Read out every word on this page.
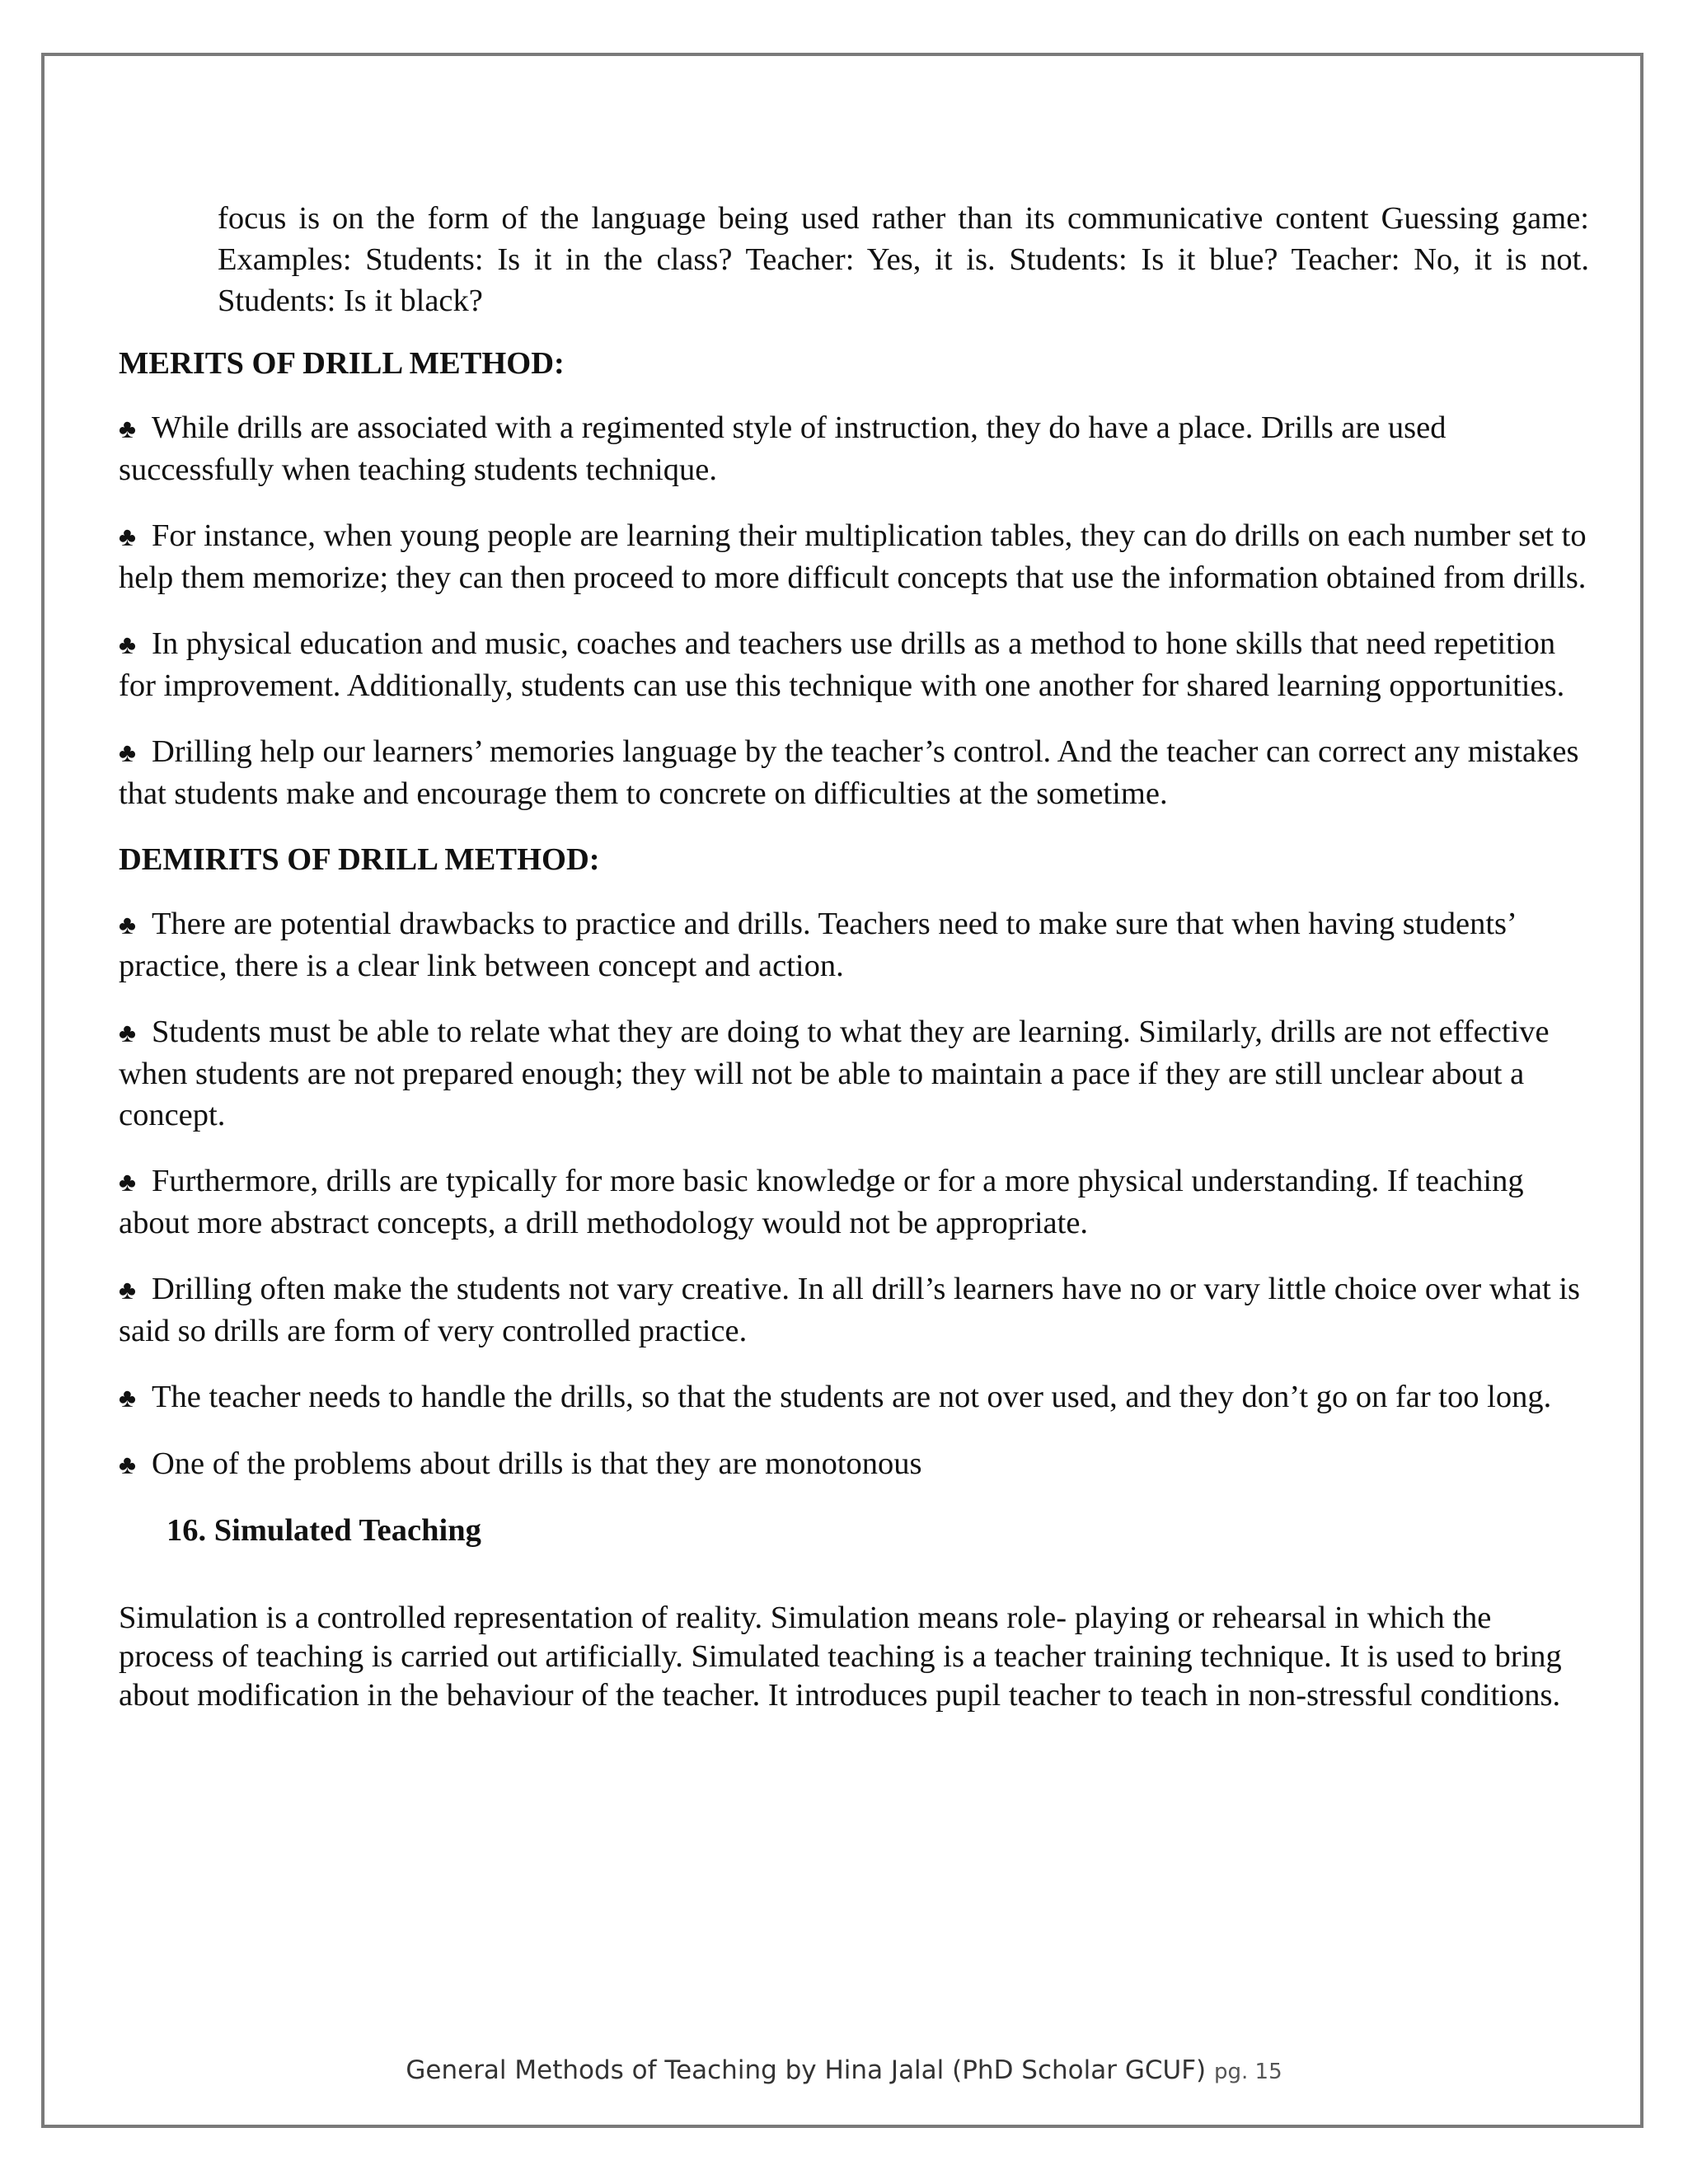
focus is on the form of the language being used rather than its communicative content Guessing game: Examples: Students: Is it in the class? Teacher: Yes, it is. Students: Is it blue? Teacher: No, it is not. Students: Is it black?

MERITS OF DRILL METHOD:
♣ While drills are associated with a regimented style of instruction, they do have a place. Drills are used successfully when teaching students technique.
♣ For instance, when young people are learning their multiplication tables, they can do drills on each number set to help them memorize; they can then proceed to more difficult concepts that use the information obtained from drills.
♣ In physical education and music, coaches and teachers use drills as a method to hone skills that need repetition for improvement. Additionally, students can use this technique with one another for shared learning opportunities.
♣ Drilling help our learners’ memories language by the teacher’s control. And the teacher can correct any mistakes that students make and encourage them to concrete on difficulties at the sometime.
DEMIRITS OF DRILL METHOD:
♣ There are potential drawbacks to practice and drills. Teachers need to make sure that when having students’ practice, there is a clear link between concept and action.
♣ Students must be able to relate what they are doing to what they are learning. Similarly, drills are not effective when students are not prepared enough; they will not be able to maintain a pace if they are still unclear about a concept.
♣ Furthermore, drills are typically for more basic knowledge or for a more physical understanding. If teaching about more abstract concepts, a drill methodology would not be appropriate.
♣ Drilling often make the students not vary creative. In all drill’s learners have no or vary little choice over what is said so drills are form of very controlled practice.
♣ The teacher needs to handle the drills, so that the students are not over used, and they don’t go on far too long.
♣ One of the problems about drills is that they are monotonous
16. Simulated Teaching

Simulation is a controlled representation of reality. Simulation means role- playing or rehearsal in which the process of teaching is carried out artificially. Simulated teaching is a teacher training technique. It is used to bring about modification in the behaviour of the teacher. It introduces pupil teacher to teach in non-stressful conditions.

General Methods of Teaching by Hina Jalal (PhD Scholar GCUF) pg. 15
